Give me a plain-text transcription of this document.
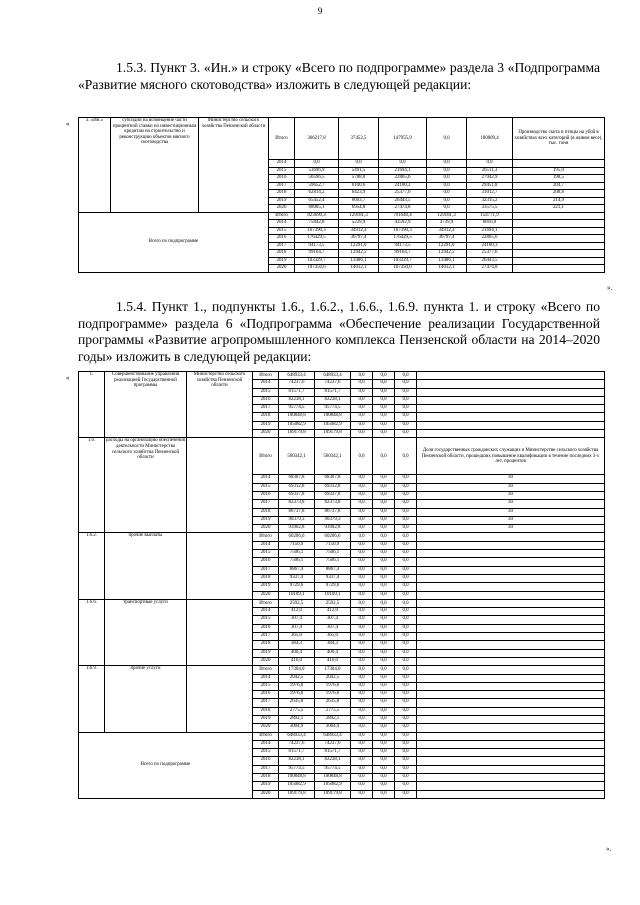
9

1.5.3. Пункт 3. «Ин.» и строку «Всего по подпрограмме» раздела 3 «Подпрограмма «Развитие мясного скотоводства» изложить в следующей редакции:

«	3. «Ин.»	субсидии на возмещение части процентной ставки по инвестиционным кредитам на строительство и реконструкцию объектов мясного скотоводства	Министерство сельского хозяйства Пензенской области	Итого	366217,8	37452,5	147955,9	0,0	180809,4	Производство скота и птицы на убой в хозяйствах всех категорий (в живом весе), тыс. тонн
			2014	0,0	0,0	0,0	0,0	0,0	
			2015	53696,9	5491,5	21694,1	0,0	26511,3	195,0
			2016	56596,5	5788,0	22865,6	0,0	27942,9	198,5
			2017	59652,7	6100,6	24100,3	0,0	29451,8	204,7
			2018	62814,2	6423,9	25377,6	0,0	31012,7	208,8
			2019	65452,4	6693,7	26443,5	0,0	32315,2	214,9
			2020	68005,1	6954,8	27474,8	0,0	33575,5	221,1
Всего по подпрограмме			Итого	823690,3	129181,3	791640,4	129181,3	154771,9	
			2014	75842,8	5239,9	43592,9	4739,9	6816,0	
			2015	167390,3	34912,3	167390,3	34912,3	21694,1	
			2016	176429,5	36797,4	176429,5	36797,4	22865,6	
			2017	94173,5	12291,0	94173,5	12291,0	24100,3	
			2018	99164,7	12942,5	99164,7	12942,5	25377,6	
			2019	103329,7	13486,1	103329,7	13486,1	26443,5	
			2020	107350,6	14012,1	107350,6	14012,1	27474,8	
».

1.5.4. Пункт 1., подпункты 1.6., 1.6.2., 1.6.6., 1.6.9. пункта 1. и строку «Всего по подпрограмме» раздела 6 «Подпрограмма «Обеспечение реализации Государственной программы «Развитие агропромышленного комплекса Пензенской области на 2014–2020 годы» изложить в следующей редакции:

«	1.	Совершенствование управления реализацией Государственной программы	Министерство сельского хозяйства Пензенской области	Итого	648933,4	648933,4	0,0	0,0	0,0	
			2014	74237,6	74237,6	0,0	0,0	0,0	
			2015	81571,7	81571,7	0,0	0,0	0,0	
			2016	82238,1	82238,1	0,0	0,0	0,0	
			2017	95774,5	95774,5	0,0	0,0	0,0	
			2018	100848,8	100848,8	0,0	0,0	0,0	
			2019	105082,9	105082,9	0,0	0,0	0,0	
			2020	109179,8	109179,8	0,0	0,0	0,0	
1.6.	расходы на организацию обеспечения деятельности Министерства сельского хозяйства Пензенской области		Итого	560342,1	560342,1	0,0	0,0	0,0	Доля государственных гражданских служащих в Министерстве сельского хозяйства Пензенской области, прошедших повышение квалификации в течение последних 3-х лет, процентов
			2014	68307,8	68307,8	0,0	0,0	0,0	30
			2015	69312,8	69312,8	0,0	0,0	0,0	30
			2016	69337,8	69337,8	0,0	0,0	0,0	30
			2017	82373,8	82373,8	0,0	0,0	0,0	30
			2018	86737,8	86737,8	0,0	0,0	0,0	30
			2019	90379,3	90379,3	0,0	0,0	0,0	30
			2020	93902,8	93902,8	0,0	0,0	0,0	30
1.6.2.	прочие выплаты		Итого	60206,6	60206,6	0,0	0,0	0,0	
			2014	7150,9	7150,9	0,0	0,0	0,0	
			2015	7506,1	7506,1	0,0	0,0	0,0	
			2016	7506,1	7506,1	0,0	0,0	0,0	
			2017	8867,4	8867,4	0,0	0,0	0,0	
			2018	9337,4	9337,4	0,0	0,0	0,0	
			2019	9729,6	9729,6	0,0	0,0	0,0	
			2020	10109,1	10109,1	0,0	0,0	0,0	
1.6.6.	транспортные услуги		Итого	2592,5	2592,5	0,0	0,0	0,0	
			2014	412,0	412,0	0,0	0,0	0,0	
			2015	307,4	307,4	0,0	0,0	0,0	
			2016	307,4	307,4	0,0	0,0	0,0	
			2017	365,0	365,0	0,0	0,0	0,0	
			2018	384,3	384,3	0,0	0,0	0,0	
			2019	400,4	400,4	0,0	0,0	0,0	
			2020	416,0	416,0	0,0	0,0	0,0	
1.6.9.	прочие услуги		Итого	17304,0	17304,0	0,0	0,0	0,0	
			2014	2042,5	2042,5	0,0	0,0	0,0	
			2015	1976,6	1976,6	0,0	0,0	0,0	
			2016	1976,6	1976,6	0,0	0,0	0,0	
			2017	2635,8	2635,8	0,0	0,0	0,0	
			2018	2775,5	2775,5	0,0	0,0	0,0	
			2019	2892,1	2892,1	0,0	0,0	0,0	
			2020	3004,9	3004,9	0,0	0,0	0,0	
Всего по подпрограмме			Итого	648933,4	648933,4	0,0	0,0	0,0	
			2014	74237,6	74237,6	0,0	0,0	0,0	
			2015	81571,7	81571,7	0,0	0,0	0,0	
			2016	82238,1	82238,1	0,0	0,0	0,0	
			2017	95774,5	95774,5	0,0	0,0	0,0	
			2018	100848,8	100848,8	0,0	0,0	0,0	
			2019	105082,9	105082,9	0,0	0,0	0,0	
			2020	109179,8	109179,8	0,0	0,0	0,0	
».
